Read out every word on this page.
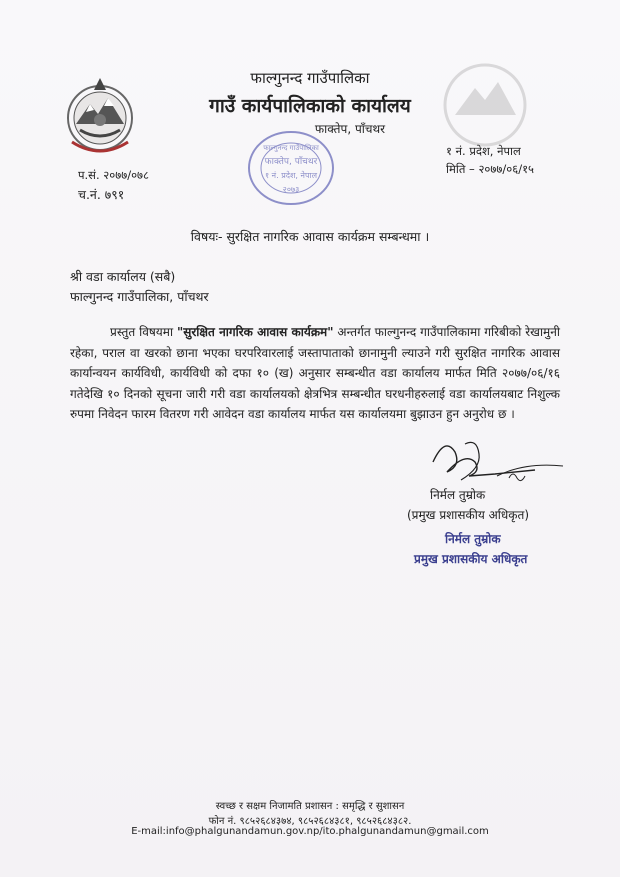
फाल्गुनन्द गाउँपालिका
गाउँ कार्यपालिकाको कार्यालय
फाक्तेप, पाँचथर
फाल्गुनन्द गाउँपालिका
फाक्तेप, पाँचथर
१ नं. प्रदेश, नेपाल
२०७३
प.सं. २०७७/०७८
च.नं. ७९१
१ नं. प्रदेश, नेपाल
मिति – २०७७/०६/१५
विषयः- सुरक्षित नागरिक आवास कार्यक्रम सम्बन्धमा ।
श्री वडा कार्यालय (सबै)
फाल्गुनन्द गाउँपालिका, पाँचथर
प्रस्तुत विषयमा "सुरक्षित नागरिक आवास कार्यक्रम" अन्तर्गत फाल्गुनन्द गाउँपालिकामा गरिबीको रेखामुनी रहेका, पराल वा खरको छाना भएका घरपरिवारलाई जस्तापाताको छानामुनी ल्याउने गरी सुरक्षित नागरिक आवास कार्यान्वयन कार्यविधी, कार्यविधी को दफा १० (ख) अनुसार सम्बन्धीत वडा कार्यालय मार्फत मिति २०७७/०६/१६ गतेदेखि १० दिनको सूचना जारी गरी वडा कार्यालयको क्षेत्रभित्र सम्बन्धीत घरधनीहरुलाई वडा कार्यालयबाट निशुल्क रुपमा निवेदन फारम वितरण गरी आवेदन वडा कार्यालय मार्फत यस कार्यालयमा बुझाउन हुन अनुरोध छ ।
निर्मल तुम्रोक
(प्रमुख प्रशासकीय अधिकृत)
निर्मल तुम्रोक
प्रमुख प्रशासकीय अधिकृत
स्वच्छ र सक्षम निजामति प्रशासन : समृद्धि र सुशासन
फोन नं. ९८५२६८४३७४, ९८५२६८४३८१, ९८५२६८४३८२.
E-mail:info@phalgunandamun.gov.np/ito.phalgunandamun@gmail.com
